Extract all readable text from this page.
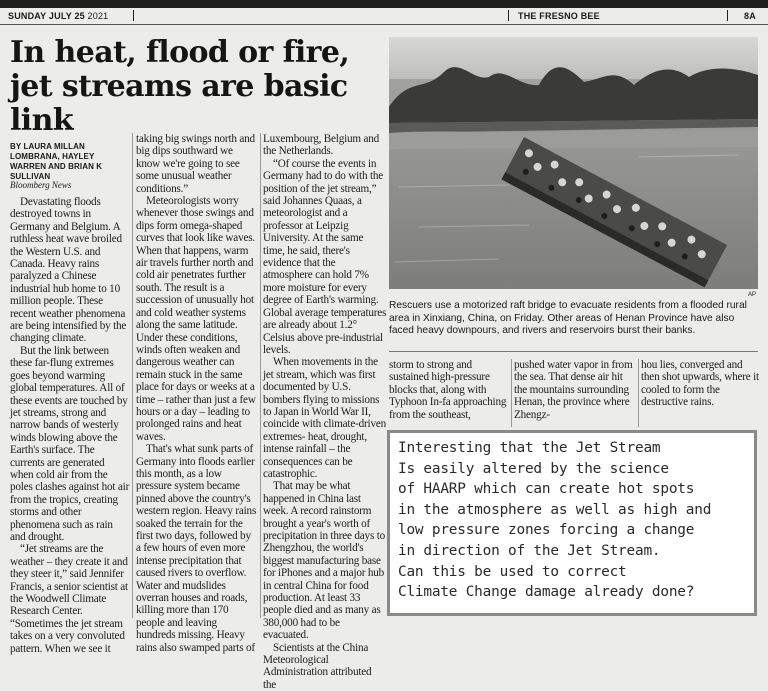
SUNDAY JULY 25 2021	THE FRESNO BEE	8A
In heat, flood or fire, jet streams are basic link

BY LAURA MILLAN LOMBRANA, HAYLEY WARREN AND BRIAN K SULLIVAN

Bloomberg News

Devastating floods destroyed towns in Germany and Belgium. A ruthless heat wave broiled the Western U.S. and Canada. Heavy rains paralyzed a Chinese industrial hub home to 10 million people. These recent weather phenomena are being intensified by the changing climate.

But the link between these far-flung extremes goes beyond warming global temperatures. All of these events are touched by jet streams, strong and narrow bands of westerly winds blowing above the Earth's surface. The currents are generated when cold air from the poles clashes against hot air from the tropics, creating storms and other phenomena such as rain and drought.

“Jet streams are the weather – they create it and they steer it,” said Jennifer Francis, a senior scientist at the Woodwell Climate Research Center. “Sometimes the jet stream takes on a very convoluted pattern. When we see it

taking big swings north and big dips southward we know we're going to see some unusual weather conditions.”

Meteorologists worry whenever those swings and dips form omega-shaped curves that look like waves. When that happens, warm air travels further north and cold air penetrates further south. The result is a succession of unusually hot and cold weather systems along the same latitude. Under these conditions, winds often weaken and dangerous weather can remain stuck in the same place for days or weeks at a time – rather than just a few hours or a day – leading to prolonged rains and heat waves.

That's what sunk parts of Germany into floods earlier this month, as a low pressure system became pinned above the country's western region. Heavy rains soaked the terrain for the first two days, followed by a few hours of even more intense precipitation that caused rivers to overflow. Water and mudslides overran houses and roads, killing more than 170 people and leaving hundreds missing. Heavy rains also swamped parts of

Luxembourg, Belgium and the Netherlands.

“Of course the events in Germany had to do with the position of the jet stream,” said Johannes Quaas, a meteorologist and a professor at Leipzig University. At the same time, he said, there's evidence that the atmosphere can hold 7% more moisture for every degree of Earth's warming. Global average temperatures are already about 1.2° Celsius above pre-industrial levels.

When movements in the jet stream, which was first documented by U.S. bombers flying to missions to Japan in World War II, coincide with climate-driven extremes- heat, drought, intense rainfall – the consequences can be catastrophic.

That may be what happened in China last week. A record rainstorm brought a year's worth of precipitation in three days to Zhengzhou, the world's biggest manufacturing base for iPhones and a major hub in central China for food production. At least 33 people died and as many as 380,000 had to be evacuated.

Scientists at the China Meteorological Administration attributed the

AP

Rescuers use a motorized raft bridge to evacuate residents from a flooded rural area in Xinxiang, China, on Friday. Other areas of Henan Province have also faced heavy downpours, and rivers and reservoirs burst their banks.

storm to strong and sustained high-pressure blocks that, along with Typhoon In-fa approaching from the southeast,

pushed water vapor in from the sea. That dense air hit the mountains surrounding Henan, the province where Zhengz-

hou lies, converged and then shot upwards, where it cooled to form the destructive rains.

Interesting that the Jet Stream

Is easily altered by the science

of HAARP which can create hot spots

in the atmosphere as well as high and

low pressure zones forcing a change

in direction of the Jet Stream.

Can this be used to correct

Climate Change damage already done?
